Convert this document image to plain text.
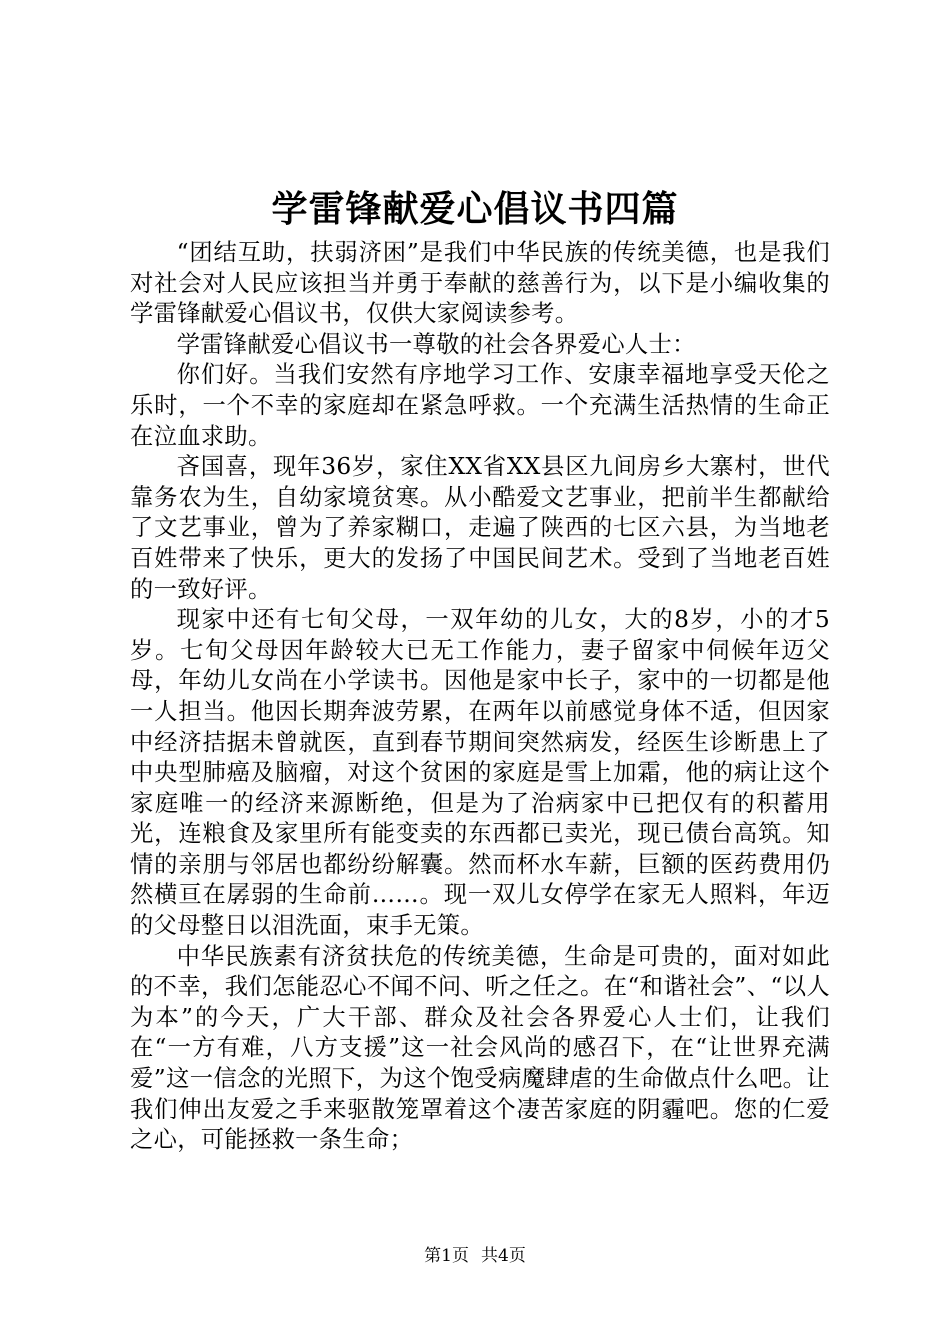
学雷锋献爱心倡议书四篇

“团结互助，扶弱济困”是我们中华民族的传统美德，也是我们对社会对人民应该担当并勇于奉献的慈善行为，以下是小编收集的学雷锋献爱心倡议书，仅供大家阅读参考。

学雷锋献爱心倡议书一尊敬的社会各界爱心人士：

你们好。当我们安然有序地学习工作、安康幸福地享受天伦之乐时，一个不幸的家庭却在紧急呼救。一个充满生活热情的生命正在泣血求助。

吝国喜，现年36岁，家住XX省XX县区九间房乡大寨村，世代靠务农为生，自幼家境贫寒。从小酷爱文艺事业，把前半生都献给了文艺事业，曾为了养家糊口，走遍了陕西的七区六县，为当地老百姓带来了快乐，更大的发扬了中国民间艺术。受到了当地老百姓的一致好评。

现家中还有七旬父母，一双年幼的儿女，大的8岁，小的才5岁。七旬父母因年龄较大已无工作能力，妻子留家中伺候年迈父母，年幼儿女尚在小学读书。因他是家中长子，家中的一切都是他一人担当。他因长期奔波劳累，在两年以前感觉身体不适，但因家中经济拮据未曾就医，直到春节期间突然病发，经医生诊断患上了中央型肺癌及脑瘤，对这个贫困的家庭是雪上加霜，他的病让这个家庭唯一的经济来源断绝，但是为了治病家中已把仅有的积蓄用光，连粮食及家里所有能变卖的东西都已卖光，现已债台高筑。知情的亲朋与邻居也都纷纷解囊。然而杯水车薪，巨额的医药费用仍然横亘在孱弱的生命前……。现一双儿女停学在家无人照料，年迈的父母整日以泪洗面，束手无策。

中华民族素有济贫扶危的传统美德，生命是可贵的，面对如此的不幸，我们怎能忍心不闻不问、听之任之。在“和谐社会”、“以人为本”的今天，广大干部、群众及社会各界爱心人士们，让我们在“一方有难，八方支援”这一社会风尚的感召下，在“让世界充满爱”这一信念的光照下，为这个饱受病魔肆虐的生命做点什么吧。让我们伸出友爱之手来驱散笼罩着这个凄苦家庭的阴霾吧。您的仁爱之心，可能拯救一条生命；

第1页 共4页
